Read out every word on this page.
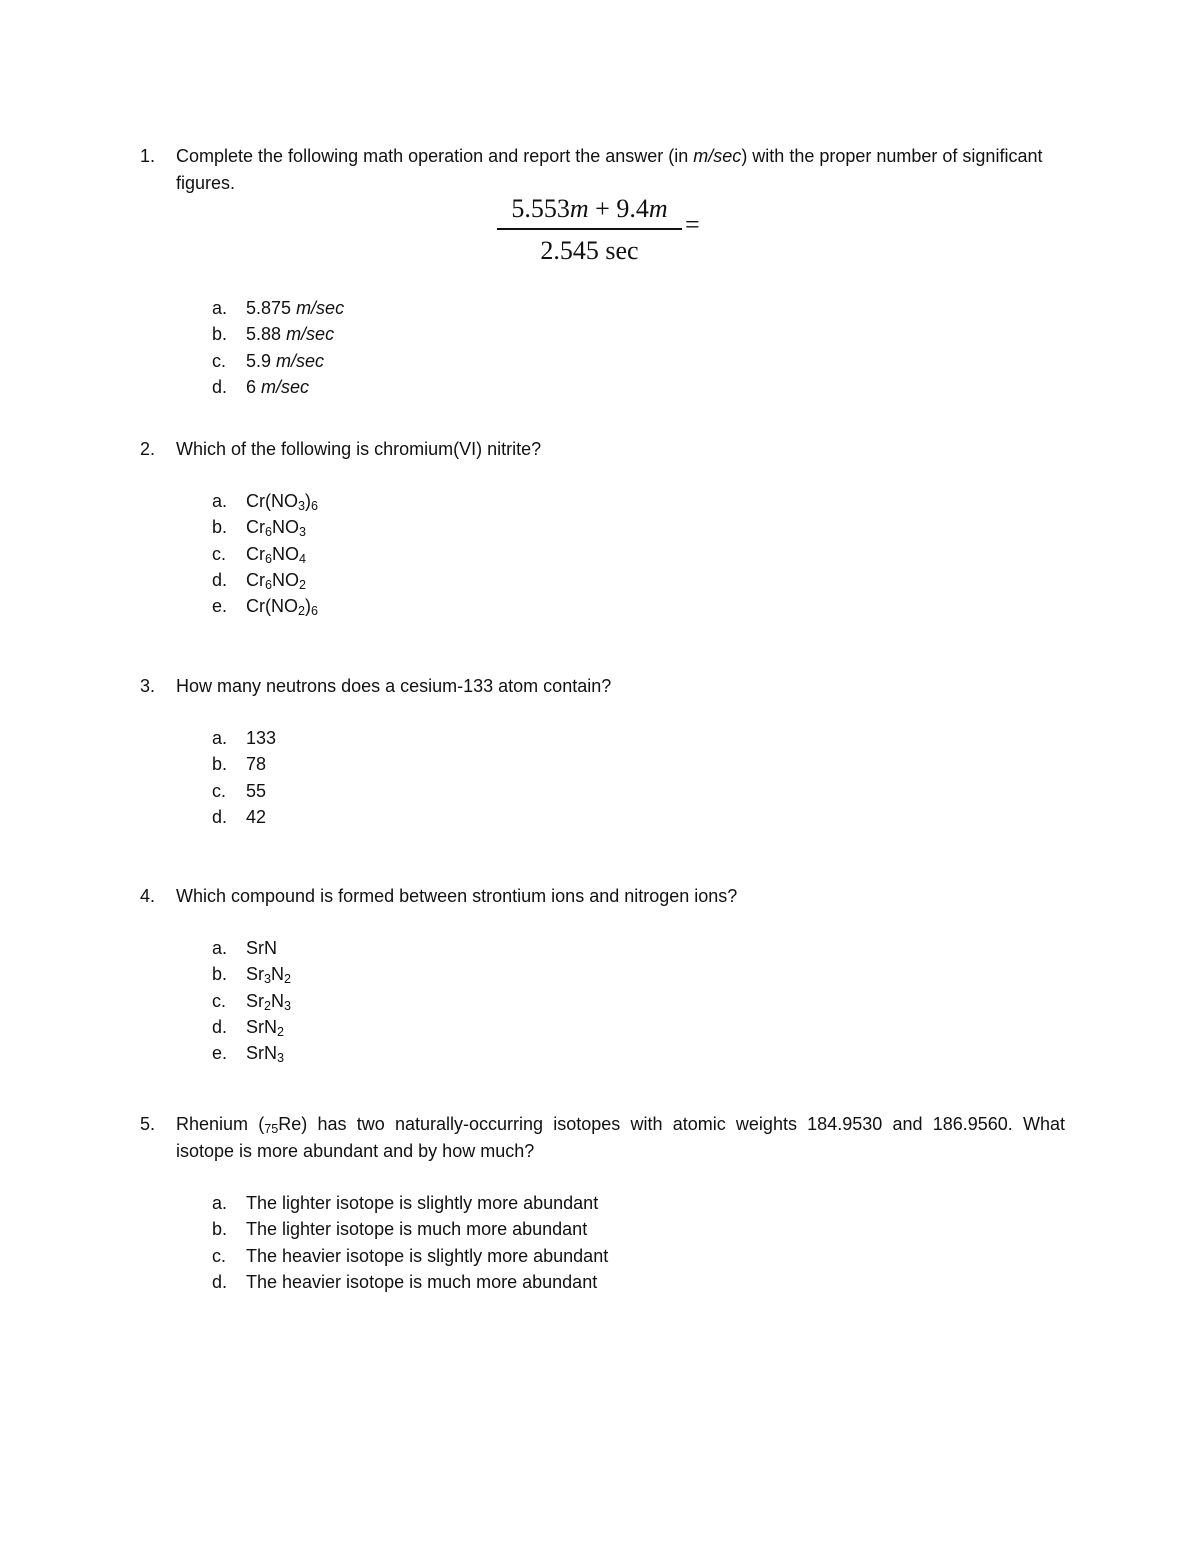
1.	Complete the following math operation and report the answer (in m/sec) with the proper number of significant figures.
a.	5.875 m/sec
b.	5.88 m/sec
c.	5.9 m/sec
d.	6 m/sec
5.553m + 9.4m
2.545 sec
=
2.	Which of the following is chromium(VI) nitrite?
a.	$Cr(NO_3)_6$
b.	$Cr_6NO_3$
c.	$Cr_6NO_4$
d.	$Cr_6NO_2$
e.	$Cr(NO_2)_6$
3.	How many neutrons does a cesium-133 atom contain?
a.	133
b.	78
c.	55
d.	42
4.	Which compound is formed between strontium ions and nitrogen ions?
a.	SrN
b.	$Sr_3N_2$
c.	$Sr_2N_3$
d.	SrN$_2$
e.	SrN$_3$
5.	Rhenium $(_{75}Re)$ has two naturally-occurring isotopes with atomic weights 184.9530 and 186.9560. What isotope is more abundant and by how much?
a.	The lighter isotope is slightly more abundant
b.	The lighter isotope is much more abundant
c.	The heavier isotope is slightly more abundant
d.	The heavier isotope is much more abundant
